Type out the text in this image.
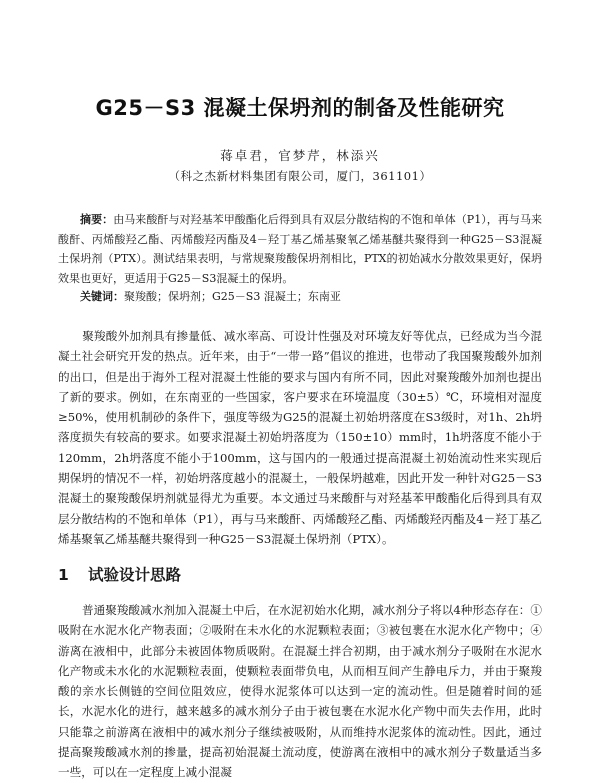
G25－S3 混凝土保坍剂的制备及性能研究
蒋卓君，官梦芹，林添兴
（科之杰新材料集团有限公司，厦门，361101）
摘要：由马来酸酐与对羟基苯甲酸酯化后得到具有双层分散结构的不饱和单体（P1），再与马来酸酐、丙烯酸羟乙酯、丙烯酸羟丙酯及4－羟丁基乙烯基聚氧乙烯基醚共聚得到一种G25－S3混凝土保坍剂（PTX）。测试结果表明，与常规聚羧酸保坍剂相比，PTX的初始减水分散效果更好，保坍效果也更好，更适用于G25－S3混凝土的保坍。
关键词：聚羧酸；保坍剂；G25－S3 混凝土；东南亚
聚羧酸外加剂具有掺量低、减水率高、可设计性强及对环境友好等优点，已经成为当今混凝土社会研究开发的热点。近年来，由于“一带一路”倡议的推进，也带动了我国聚羧酸外加剂的出口，但是出于海外工程对混凝土性能的要求与国内有所不同，因此对聚羧酸外加剂也提出了新的要求。例如，在东南亚的一些国家，客户要求在环境温度（30±5）℃，环境相对湿度≥50%，使用机制砂的条件下，强度等级为G25的混凝土初始坍落度在S3级时，对1h、2h坍落度损失有较高的要求。如要求混凝土初始坍落度为（150±10）mm时，1h坍落度不能小于120mm，2h坍落度不能小于100mm，这与国内的一般通过提高混凝土初始流动性来实现后期保坍的情况不一样，初始坍落度越小的混凝土，一般保坍越难，因此开发一种针对G25－S3混凝土的聚羧酸保坍剂就显得尤为重要。本文通过马来酸酐与对羟基苯甲酸酯化后得到具有双层分散结构的不饱和单体（P1），再与马来酸酐、丙烯酸羟乙酯、丙烯酸羟丙酯及4－羟丁基乙烯基聚氧乙烯基醚共聚得到一种G25－S3混凝土保坍剂（PTX）。
1 试验设计思路
普通聚羧酸减水剂加入混凝土中后，在水泥初始水化期，减水剂分子将以4种形态存在：①吸附在水泥水化产物表面；②吸附在未水化的水泥颗粒表面；③被包裹在水泥水化产物中；④游离在液相中，此部分未被固体物质吸附。在混凝土拌合初期，由于减水剂分子吸附在水泥水化产物或未水化的水泥颗粒表面，使颗粒表面带负电，从而相互间产生静电斥力，并由于聚羧酸的亲水长侧链的空间位阻效应，使得水泥浆体可以达到一定的流动性。但是随着时间的延长，水泥水化的进行，越来越多的减水剂分子由于被包裹在水泥水化产物中而失去作用，此时只能靠之前游离在液相中的减水剂分子继续被吸附，从而维持水泥浆体的流动性。因此，通过提高聚羧酸减水剂的掺量，提高初始混凝土流动度，使游离在液相中的减水剂分子数量适当多一些，可以在一定程度上减小混凝
